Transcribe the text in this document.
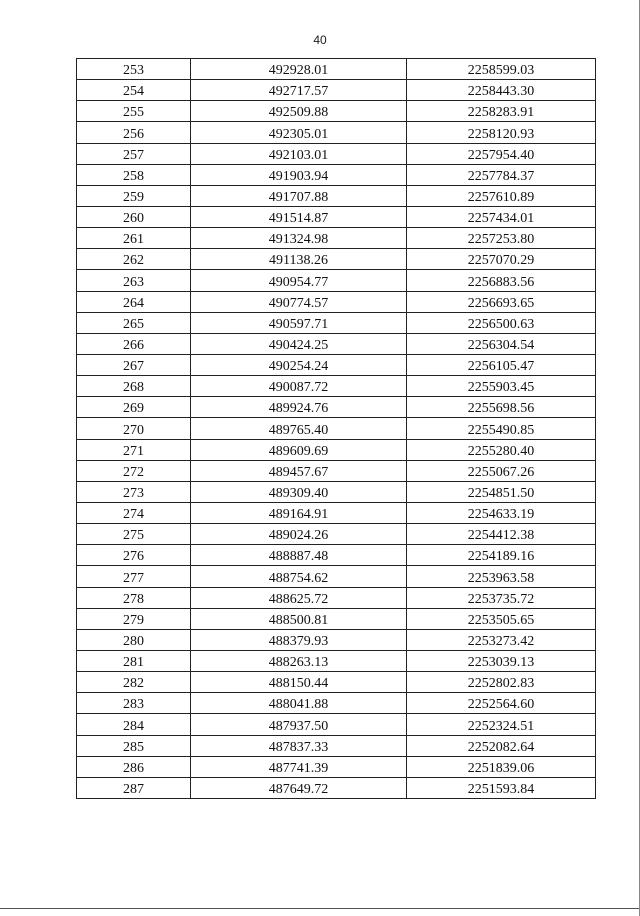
40
253	492928.01	2258599.03
254	492717.57	2258443.30
255	492509.88	2258283.91
256	492305.01	2258120.93
257	492103.01	2257954.40
258	491903.94	2257784.37
259	491707.88	2257610.89
260	491514.87	2257434.01
261	491324.98	2257253.80
262	491138.26	2257070.29
263	490954.77	2256883.56
264	490774.57	2256693.65
265	490597.71	2256500.63
266	490424.25	2256304.54
267	490254.24	2256105.47
268	490087.72	2255903.45
269	489924.76	2255698.56
270	489765.40	2255490.85
271	489609.69	2255280.40
272	489457.67	2255067.26
273	489309.40	2254851.50
274	489164.91	2254633.19
275	489024.26	2254412.38
276	488887.48	2254189.16
277	488754.62	2253963.58
278	488625.72	2253735.72
279	488500.81	2253505.65
280	488379.93	2253273.42
281	488263.13	2253039.13
282	488150.44	2252802.83
283	488041.88	2252564.60
284	487937.50	2252324.51
285	487837.33	2252082.64
286	487741.39	2251839.06
287	487649.72	2251593.84
